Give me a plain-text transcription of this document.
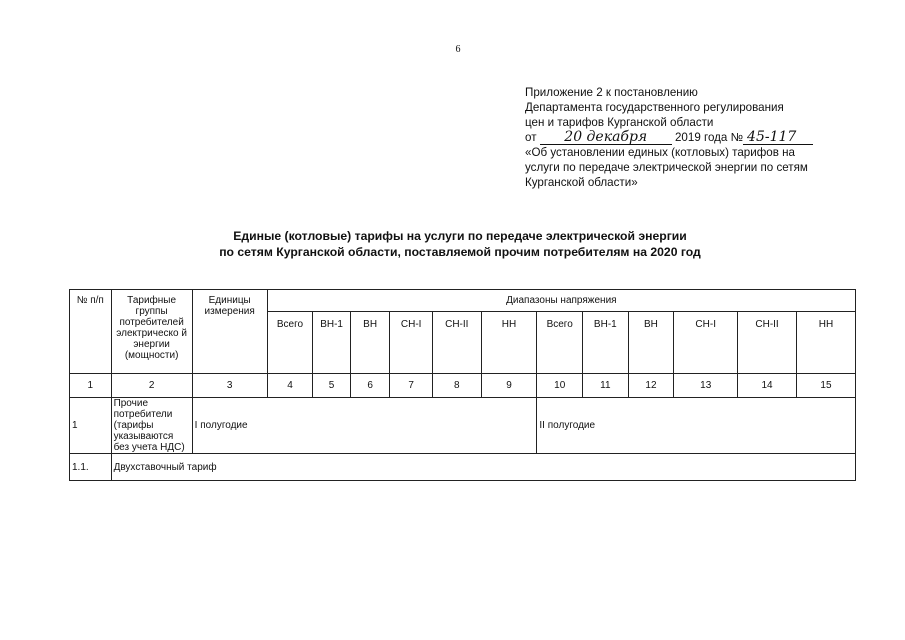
6
Приложение 2 к постановлению
Департамента государственного регулирования
цен и тарифов Курганской области
от 20 декабря 2019 года № 45-117
«Об установлении единых (котловых) тарифов на
услуги по передаче электрической энергии по сетям
Курганской области»
Единые (котловые) тарифы на услуги по передаче электрической энергии
по сетям Курганской области, поставляемой прочим потребителям на 2020 год
№ п/п	Тарифные группы потребителей электрическо й энергии (мощности)	Единицы измерения	Диапазоны напряжения											
			Всего	ВН-1	ВН	СН-I	СН-II	НН	Всего	ВН-1	ВН	СН-I	СН-II	НН
1	2	3	4	5	6	7	8	9	10	11	12	13	14	15
1	Прочие потребители (тарифы указываются без учета НДС)	I полугодие							II полугодие					
1.1.	Двухставочный тариф													
